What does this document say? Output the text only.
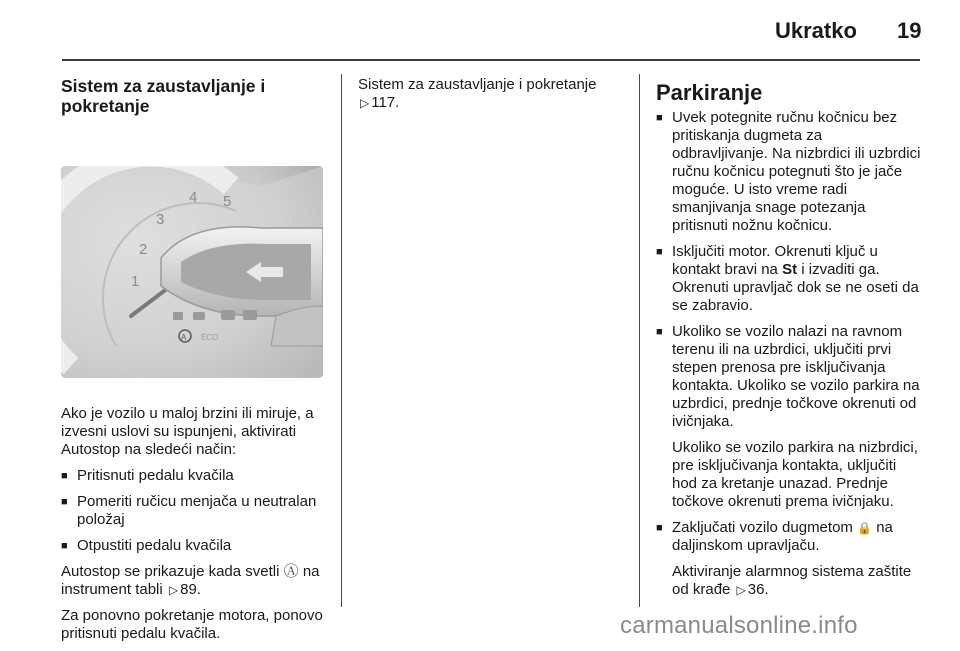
Ukratko 19
Sistem za zaustavljanje i pokretanje
1
2
3
4 5
A ECO

Ako je vozilo u maloj brzini ili miruje, a izvesni uslovi su ispunjeni, aktivirati Autostop na sledeći način:

■ Pritisnuti pedalu kvačila
■ Pomeriti ručicu menjača u neutralan položaj
■ Otpustiti pedalu kvačila

Autostop se prikazuje kada svetli Ⓐ na instrument tabli ▷ 89.

Za ponovno pokretanje motora, ponovo pritisnuti pedalu kvačila.

Sistem za zaustavljanje i pokretanje
▷ 117.	Parkiranje
■ Uvek potegnite ručnu kočnicu bez pritiskanja dugmeta za odbravljivanje. Na nizbrdici ili uzbrdici ručnu kočnicu potegnuti što je jače moguće. U isto vreme radi smanjivanja snage potezanja pritisnuti nožnu kočnicu.
■ Isključiti motor. Okrenuti ključ u kontakt bravi na St i izvaditi ga. Okrenuti upravljač dok se ne oseti da se zabravio.
■ Ukoliko se vozilo nalazi na ravnom terenu ili na uzbrdici, uključiti prvi stepen prenosa pre isključivanja kontakta. Ukoliko se vozilo parkira na uzbrdici, prednje točkove okrenuti od ivičnjaka.
Ukoliko se vozilo parkira na nizbrdici, pre isključivanja kontakta, uključiti hod za kretanje unazad. Prednje točkove okrenuti prema ivičnjaku.
■ Zaključati vozilo dugmetom 🔒 na daljinskom upravljaču.
Aktiviranje alarmnog sistema zaštite od krađe ▷ 36.
carmanualsonline.info
